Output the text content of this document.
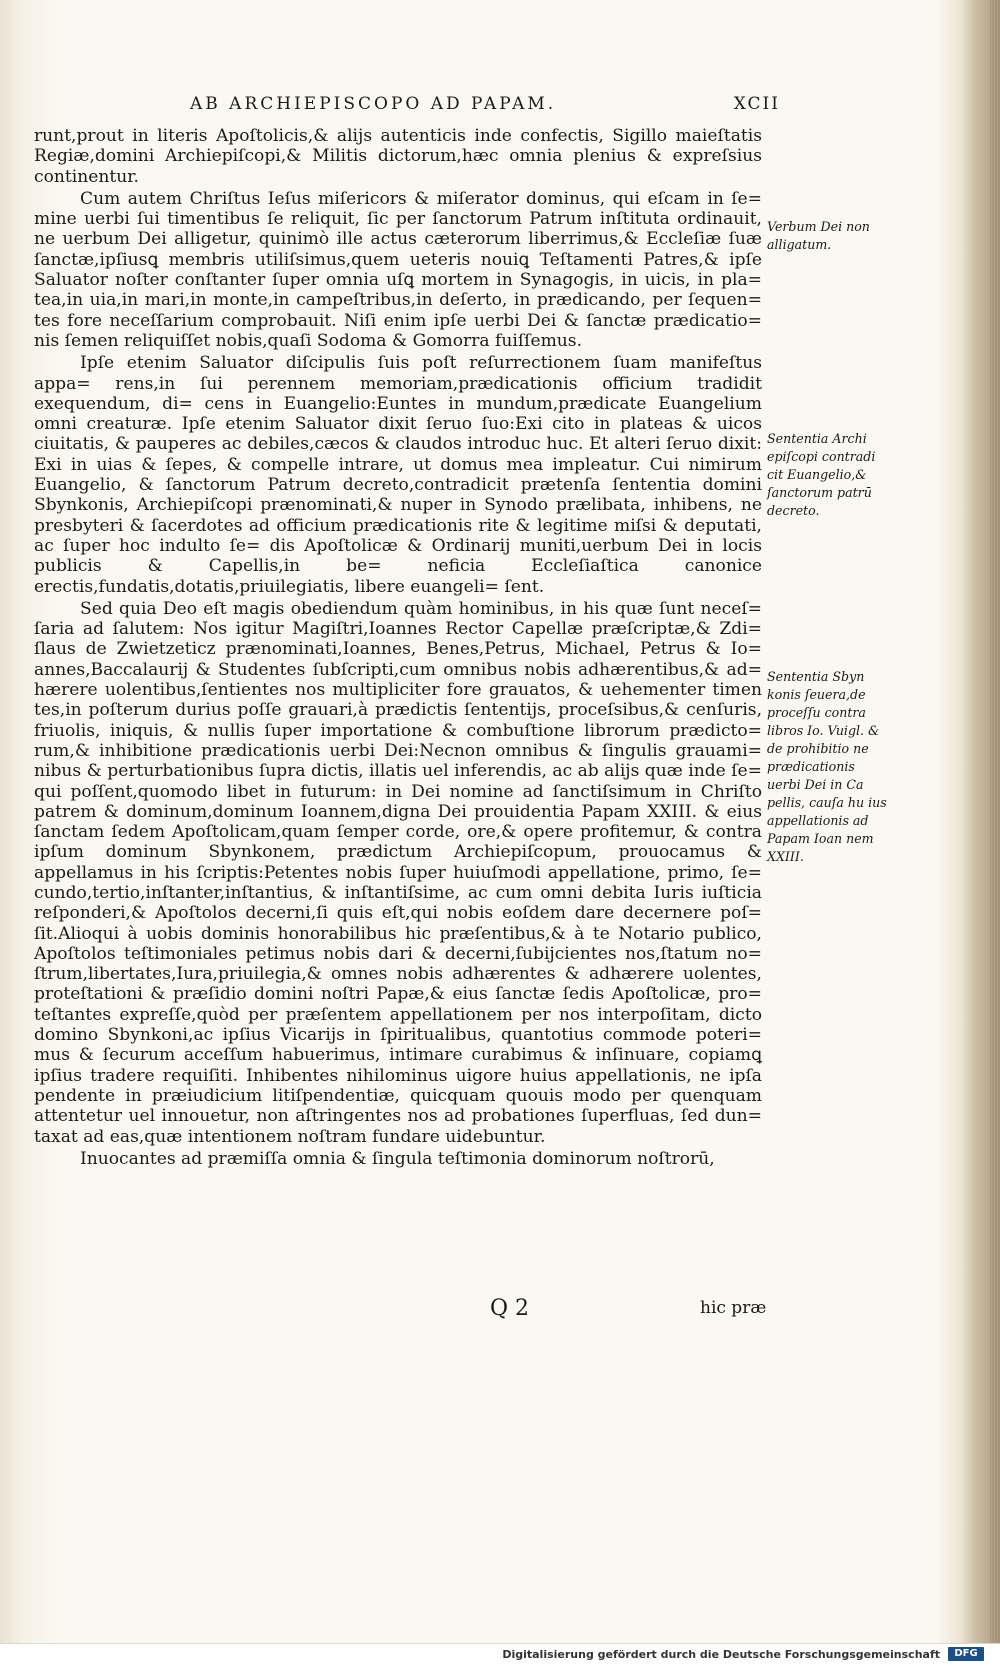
AB ARCHIEPISCOPO AD PAPAM.	XCII

runt,prout in literis Apoſtolicis,& alijs autenticis inde confectis, Sigillo maieſtatis Regiæ,domini Archiepiſcopi,& Militis dictorum,hæc omnia plenius & expreſsius continentur.

Cum autem Chriſtus Ieſus miſericors & miſerator dominus, qui eſcam in ſe= mine uerbi ſui timentibus ſe reliquit, ſic per ſanctorum Patrum inſtituta ordinauit, ne uerbum Dei alligetur, quinimò ille actus cæterorum liberrimus,& Eccleſiæ ſuæ ſanctæ,ipſiusꝗ membris utiliſsimus,quem ueteris nouiꝗ Teſtamenti Patres,& ipſe Saluator noſter conſtanter ſuper omnia uſꝗ mortem in Synagogis, in uicis, in pla= tea,in uia,in mari,in monte,in campeſtribus,in deſerto, in prædicando, per ſequen= tes fore neceſſarium comprobauit. Niſi enim ipſe uerbi Dei & ſanctæ prædicatio= nis ſemen reliquiſſet nobis,quaſi Sodoma & Gomorra fuiſſemus.

Ipſe etenim Saluator diſcipulis ſuis poſt reſurrectionem ſuam manifeſtus appa= rens,in ſui perennem memoriam,prædicationis officium tradidit exequendum, di= cens in Euangelio:Euntes in mundum,prædicate Euangelium omni creaturæ. Ipſe etenim Saluator dixit ſeruo ſuo:Exi cito in plateas & uicos ciuitatis, & pauperes ac debiles,cæcos & claudos introduc huc. Et alteri ſeruo dixit: Exi in uias & ſepes, & compelle intrare, ut domus mea impleatur. Cui nimirum Euangelio, & ſanctorum Patrum decreto,contradicit prætenſa ſententia domini Sbynkonis, Archiepiſcopi prænominati,& nuper in Synodo prælibata, inhibens, ne presbyteri & ſacerdotes ad officium prædicationis rite & legitime miſsi & deputati, ac ſuper hoc indulto ſe= dis Apoſtolicæ & Ordinarij muniti,uerbum Dei in locis publicis & Capellis,in be= neficia Eccleſiaſtica canonice erectis,fundatis,dotatis,priuilegiatis, libere euangeli= ſent.

Sed quia Deo eſt magis obediendum quàm hominibus, in his quæ ſunt neceſ= ſaria ad ſalutem: Nos igitur Magiſtri,Ioannes Rector Capellæ præſcriptæ,& Zdi= ſlaus de Zwietzeticz prænominati,Ioannes, Benes,Petrus, Michael, Petrus & Io= annes,Baccalaurij & Studentes ſubſcripti,cum omnibus nobis adhærentibus,& ad= hærere uolentibus,ſentientes nos multipliciter fore grauatos, & uehementer timen tes,in poſterum durius poſſe grauari,à prædictis ſententijs, proceſsibus,& cenſuris, friuolis, iniquis, & nullis ſuper importatione & combuſtione librorum prædicto= rum,& inhibitione prædicationis uerbi Dei:Necnon omnibus & ſingulis grauami= nibus & perturbationibus ſupra dictis, illatis uel inferendis, ac ab alijs quæ inde ſe= qui poſſent,quomodo libet in futurum: in Dei nomine ad ſanctiſsimum in Chriſto patrem & dominum,dominum Ioannem,digna Dei prouidentia Papam XXIII. & eius ſanctam ſedem Apoſtolicam,quam ſemper corde, ore,& opere profitemur, & contra ipſum dominum Sbynkonem, prædictum Archiepiſcopum, prouocamus & appellamus in his ſcriptis:Petentes nobis ſuper huiuſmodi appellatione, primo, ſe= cundo,tertio,inſtanter,inſtantius, & inſtantiſsime, ac cum omni debita Iuris iuſticia reſponderi,& Apoſtolos decerni,ſi quis eſt,qui nobis eoſdem dare decernere poſ= ſit.Alioqui à uobis dominis honorabilibus hic præſentibus,& à te Notario publico, Apoſtolos teſtimoniales petimus nobis dari & decerni,ſubijcientes nos,ſtatum no= ſtrum,libertates,Iura,priuilegia,& omnes nobis adhærentes & adhærere uolentes, proteſtationi & præſidio domini noſtri Papæ,& eius ſanctæ ſedis Apoſtolicæ, pro= teſtantes expreſſe,quòd per præſentem appellationem per nos interpoſitam, dicto domino Sbynkoni,ac ipſius Vicarijs in ſpiritualibus, quantotius commode poteri= mus & ſecurum acceſſum habuerimus, intimare curabimus & inſinuare, copiamꝗ ipſius tradere requiſiti. Inhibentes nihilominus uigore huius appellationis, ne ipſa pendente in præiudicium litiſpendentiæ, quicquam quouis modo per quenquam attentetur uel innouetur, non aſtringentes nos ad probationes ſuperfluas, ſed dun= taxat ad eas,quæ intentionem noſtram fundare uidebuntur.

Inuocantes ad præmiſſa omnia & ſingula teſtimonia dominorum noſtrorū,

Verbum Dei non alligatum.
Sententia Archi epiſcopi contradi cit Euangelio,& ſanctorum patrū decreto.
Sententia Sbyn konis ſeuera,de proceſſu contra libros Io. Vuigl. & de prohibitio ne prædicationis uerbi Dei in Ca pellis, cauſa hu ius appellationis ad Papam Ioan nem XXIII.
Q 2	hic præ
Digitalisierung gefördert durch die Deutsche Forschungsgemeinschaft	DFG
